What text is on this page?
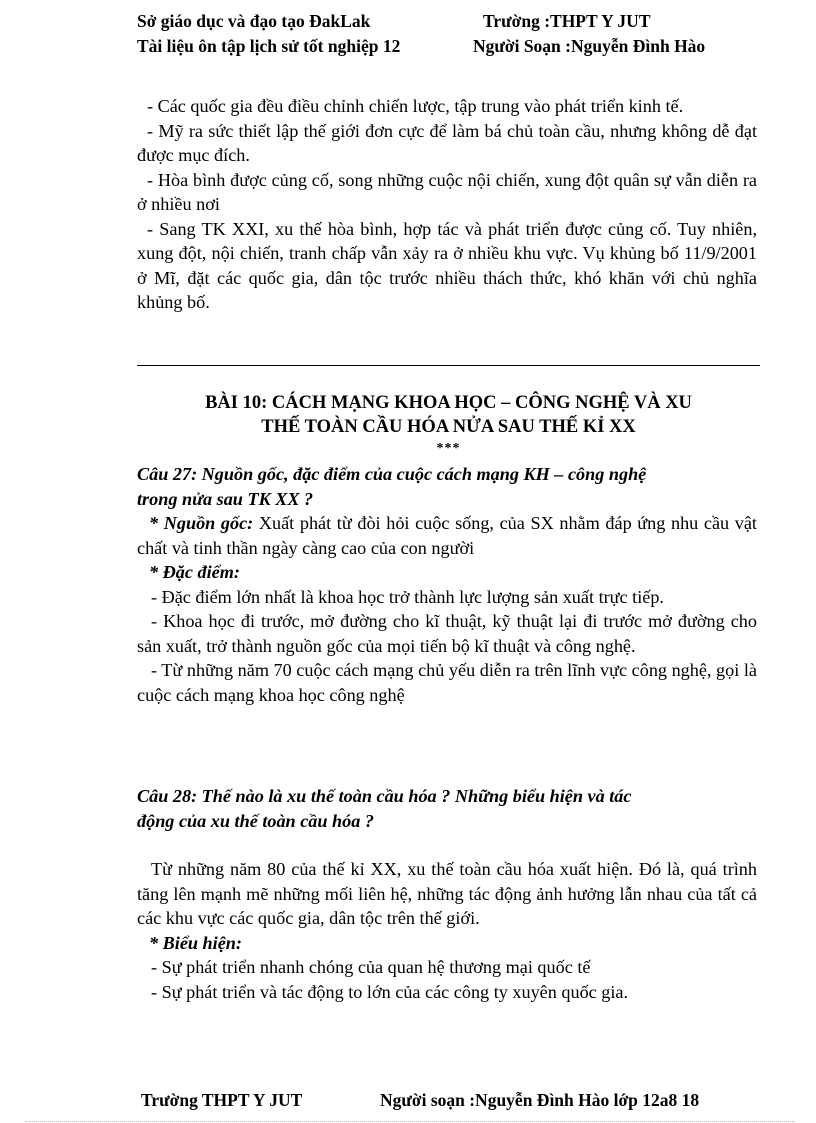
Sở giáo dục và đạo tạo ĐakLak	Trường :THPT Y JUT
Tài liệu ôn tập lịch sử tốt nghiệp 12	Người Soạn :Nguyễn Đình Hào

- Các quốc gia đều điều chỉnh chiến lược, tập trung vào phát triển kinh tế.

- Mỹ ra sức thiết lập thế giới đơn cực để làm bá chủ toàn cầu, nhưng không dễ đạt được mục đích.

- Hòa bình được củng cố, song những cuộc nội chiến, xung đột quân sự vẫn diễn ra ở nhiều nơi

- Sang TK XXI, xu thế hòa bình, hợp tác và phát triển được củng cố. Tuy nhiên, xung đột, nội chiến, tranh chấp vẫn xảy ra ở nhiều khu vực. Vụ khủng bố 11/9/2001 ở Mĩ, đặt các quốc gia, dân tộc trước nhiều thách thức, khó khăn với chủ nghĩa khủng bố.

BÀI 10: CÁCH MẠNG KHOA HỌC – CÔNG NGHỆ VÀ XU
THẾ TOÀN CẦU HÓA NỬA SAU THẾ KỈ XX
***

Câu 27: Nguồn gốc, đặc điểm của cuộc cách mạng KH – công nghệ

trong nửa sau TK XX ?

* Nguồn gốc: Xuất phát từ đòi hỏi cuộc sống, của SX nhằm đáp ứng nhu cầu vật chất và tinh thần ngày càng cao của con người

* Đặc điểm:

- Đặc điểm lớn nhất là khoa học trở thành lực lượng sản xuất trực tiếp.

- Khoa học đi trước, mở đường cho kĩ thuật, kỹ thuật lại đi trước mở đường cho sản xuất, trở thành nguồn gốc của mọi tiến bộ kĩ thuật và công nghệ.

- Từ những năm 70 cuộc cách mạng chủ yếu diễn ra trên lĩnh vực công nghệ, gọi là cuộc cách mạng khoa học công nghệ

Câu 28: Thế nào là xu thế toàn cầu hóa ? Những biểu hiện và tác

động của xu thế toàn cầu hóa ?

Từ những năm 80 của thế kỉ XX, xu thế toàn cầu hóa xuất hiện. Đó là, quá trình tăng lên mạnh mẽ những mối liên hệ, những tác động ảnh hưởng lẫn nhau của tất cả các khu vực các quốc gia, dân tộc trên thế giới.

* Biểu hiện:

- Sự phát triển nhanh chóng của quan hệ thương mại quốc tế

- Sự phát triển và tác động to lớn của các công ty xuyên quốc gia.

Trường THPT Y JUT	Người soạn :Nguyễn Đình Hào lớp 12a8 18
